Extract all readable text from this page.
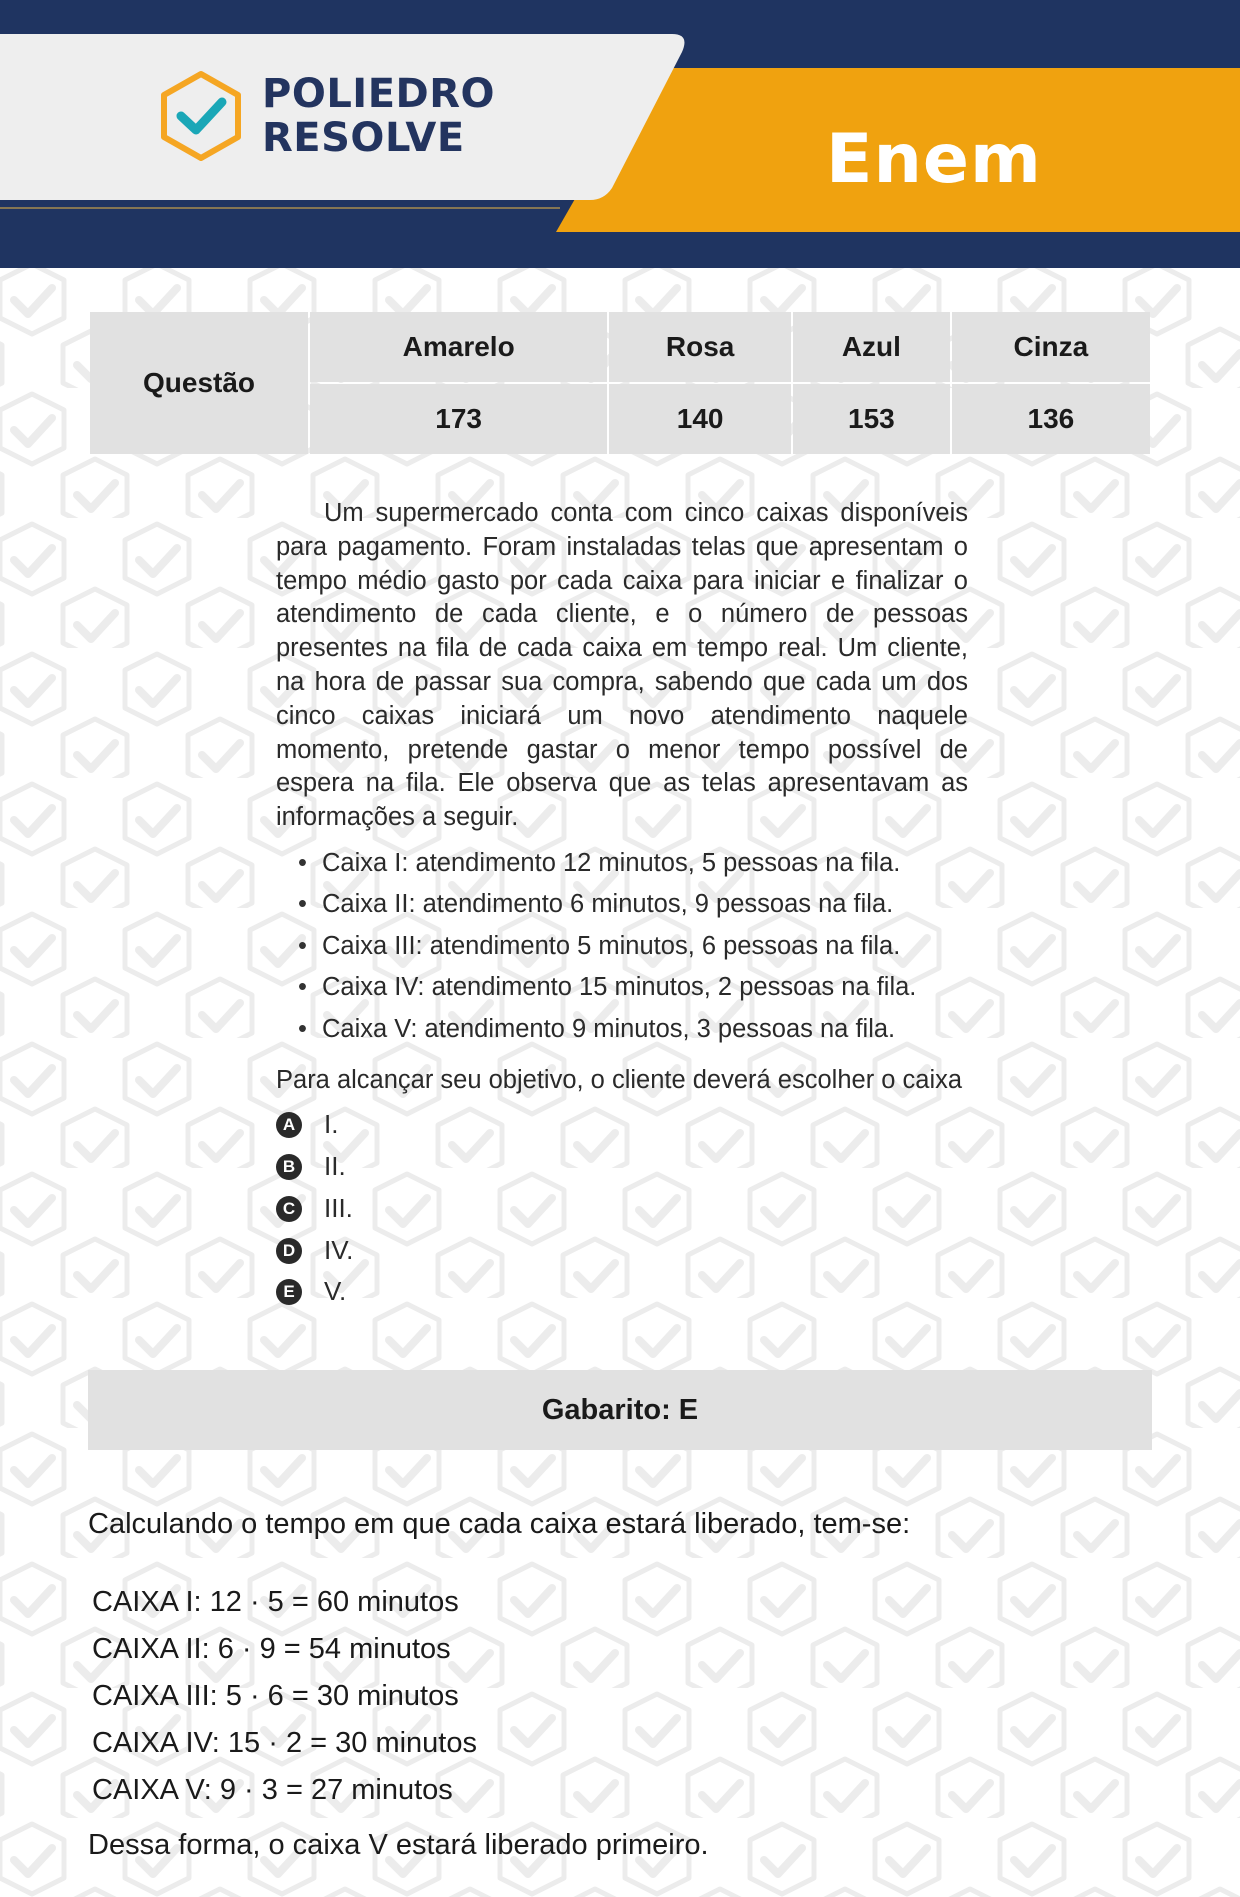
POLIEDRO
RESOLVE	Enem
Questão	Amarelo	Rosa	Azul	Cinza
	173	140	153	136

Um supermercado conta com cinco caixas disponíveis para pagamento. Foram instaladas telas que apresentam o tempo médio gasto por cada caixa para iniciar e finalizar o atendimento de cada cliente, e o número de pessoas presentes na fila de cada caixa em tempo real. Um cliente, na hora de passar sua compra, sabendo que cada um dos cinco caixas iniciará um novo atendimento naquele momento, pretende gastar o menor tempo possível de espera na fila. Ele observa que as telas apresentavam as informações a seguir.

• Caixa I: atendimento 12 minutos, 5 pessoas na fila.
• Caixa II: atendimento 6 minutos, 9 pessoas na fila.
• Caixa III: atendimento 5 minutos, 6 pessoas na fila.
• Caixa IV: atendimento 15 minutos, 2 pessoas na fila.
• Caixa V: atendimento 9 minutos, 3 pessoas na fila.

Para alcançar seu objetivo, o cliente deverá escolher o caixa

A I.
B II.
C III.
D IV.
E V.
Gabarito: E

Calculando o tempo em que cada caixa estará liberado, tem-se:

CAIXA I: 12 · 5 = 60 minutos
CAIXA II: 6 · 9 = 54 minutos
CAIXA III: 5 · 6 = 30 minutos
CAIXA IV: 15 · 2 = 30 minutos
CAIXA V: 9 · 3 = 27 minutos

Dessa forma, o caixa V estará liberado primeiro.
